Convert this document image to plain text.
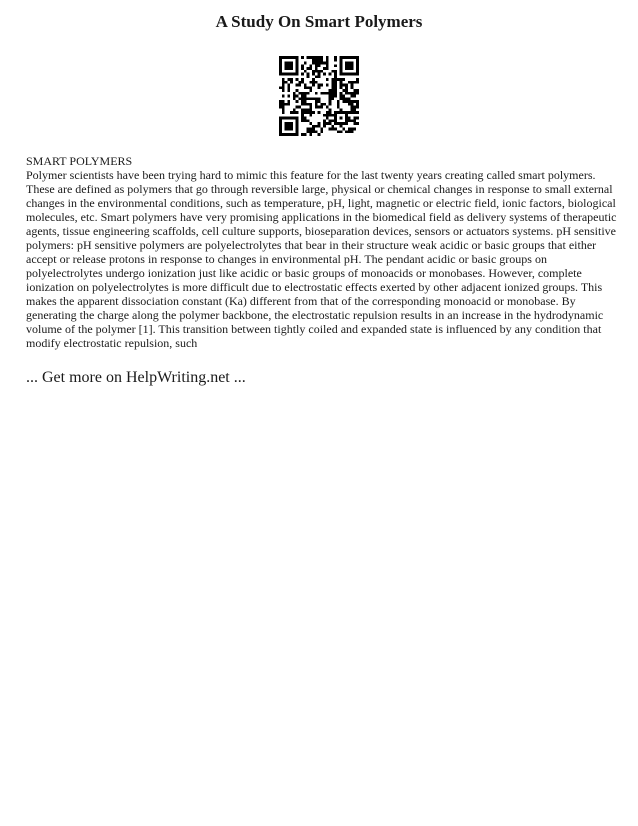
A Study On Smart Polymers
SMART POLYMERS
Polymer scientists have been trying hard to mimic this feature for the last twenty years creating called smart polymers.
These are defined as polymers that go through reversible large, physical or chemical changes in response to small external
changes in the environmental conditions, such as temperature, pH, light, magnetic or electric field, ionic factors, biological
molecules, etc. Smart polymers have very promising applications in the biomedical field as delivery systems of therapeutic
agents, tissue engineering scaffolds, cell culture supports, bioseparation devices, sensors or actuators systems. pH sensitive
polymers: pH sensitive polymers are polyelectrolytes that bear in their structure weak acidic or basic groups that either
accept or release protons in response to changes in environmental pH. The pendant acidic or basic groups on
polyelectrolytes undergo ionization just like acidic or basic groups of monoacids or monobases. However, complete
ionization on polyelectrolytes is more difficult due to electrostatic effects exerted by other adjacent ionized groups. This
makes the apparent dissociation constant (Ka) different from that of the corresponding monoacid or monobase. By
generating the charge along the polymer backbone, the electrostatic repulsion results in an increase in the hydrodynamic
volume of the polymer [1]. This transition between tightly coiled and expanded state is influenced by any condition that
modify electrostatic repulsion, such
... Get more on HelpWriting.net ...
